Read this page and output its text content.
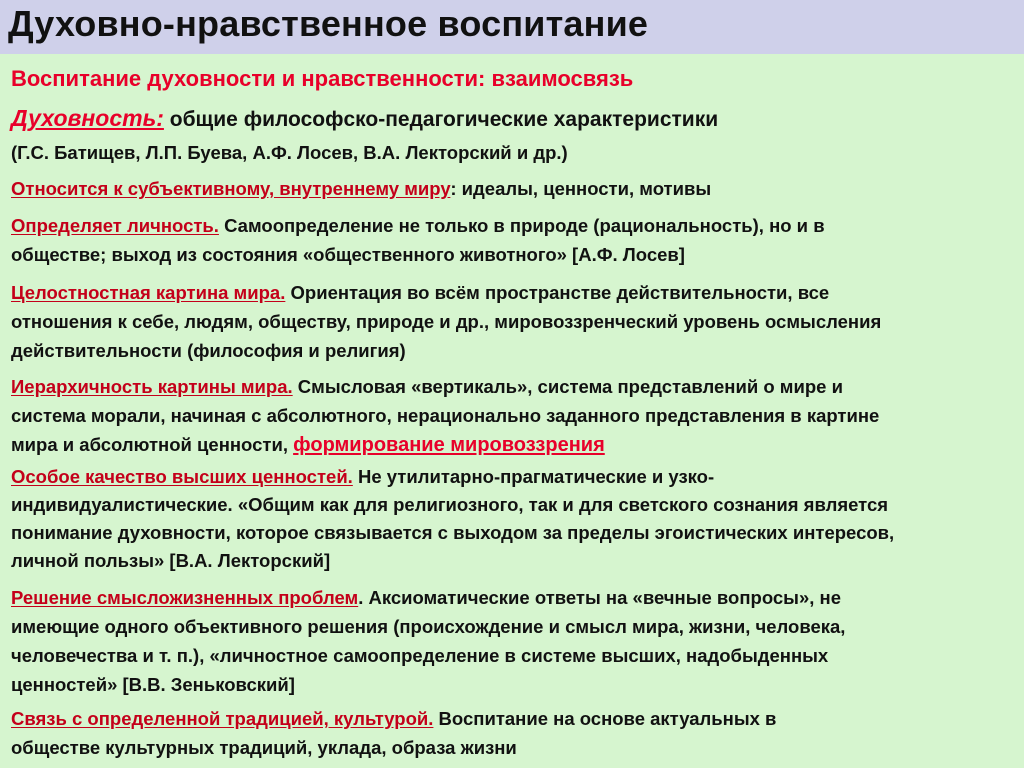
Духовно-нравственное воспитание
Воспитание духовности и нравственности: взаимосвязь
Духовность: общие философско-педагогические характеристики
(Г.С. Батищев, Л.П. Буева, А.Ф. Лосев, В.А. Лекторский и др.)
Относится к субъективному, внутреннему миру: идеалы, ценности, мотивы
Определяет личность. Самоопределение не только в природе (рациональность), но и в
обществе; выход из состояния «общественного животного» [А.Ф. Лосев]
Целостностная картина мира. Ориентация во всём пространстве действительности, все
отношения к себе, людям, обществу, природе и др., мировоззренческий уровень осмысления
действительности (философия и религия)
Иерархичность картины мира. Смысловая «вертикаль», система представлений о мире и
система морали, начиная с абсолютного, нерационально заданного представления в картине
мира и абсолютной ценности, формирование мировоззрения
Особое качество высших ценностей. Не утилитарно-прагматические и узко-
индивидуалистические. «Общим как для религиозного, так и для светского сознания является
понимание духовности, которое связывается с выходом за пределы эгоистических интересов,
личной пользы» [В.А. Лекторский]
Решение смысложизненных проблем. Аксиоматические ответы на «вечные вопросы», не
имеющие одного объективного решения (происхождение и смысл мира, жизни, человека,
человечества и т. п.), «личностное самоопределение в системе высших, надобыденных
ценностей» [В.В. Зеньковский]
Связь с определенной традицией, культурой. Воспитание на основе актуальных в
обществе культурных традиций, уклада, образа жизни
